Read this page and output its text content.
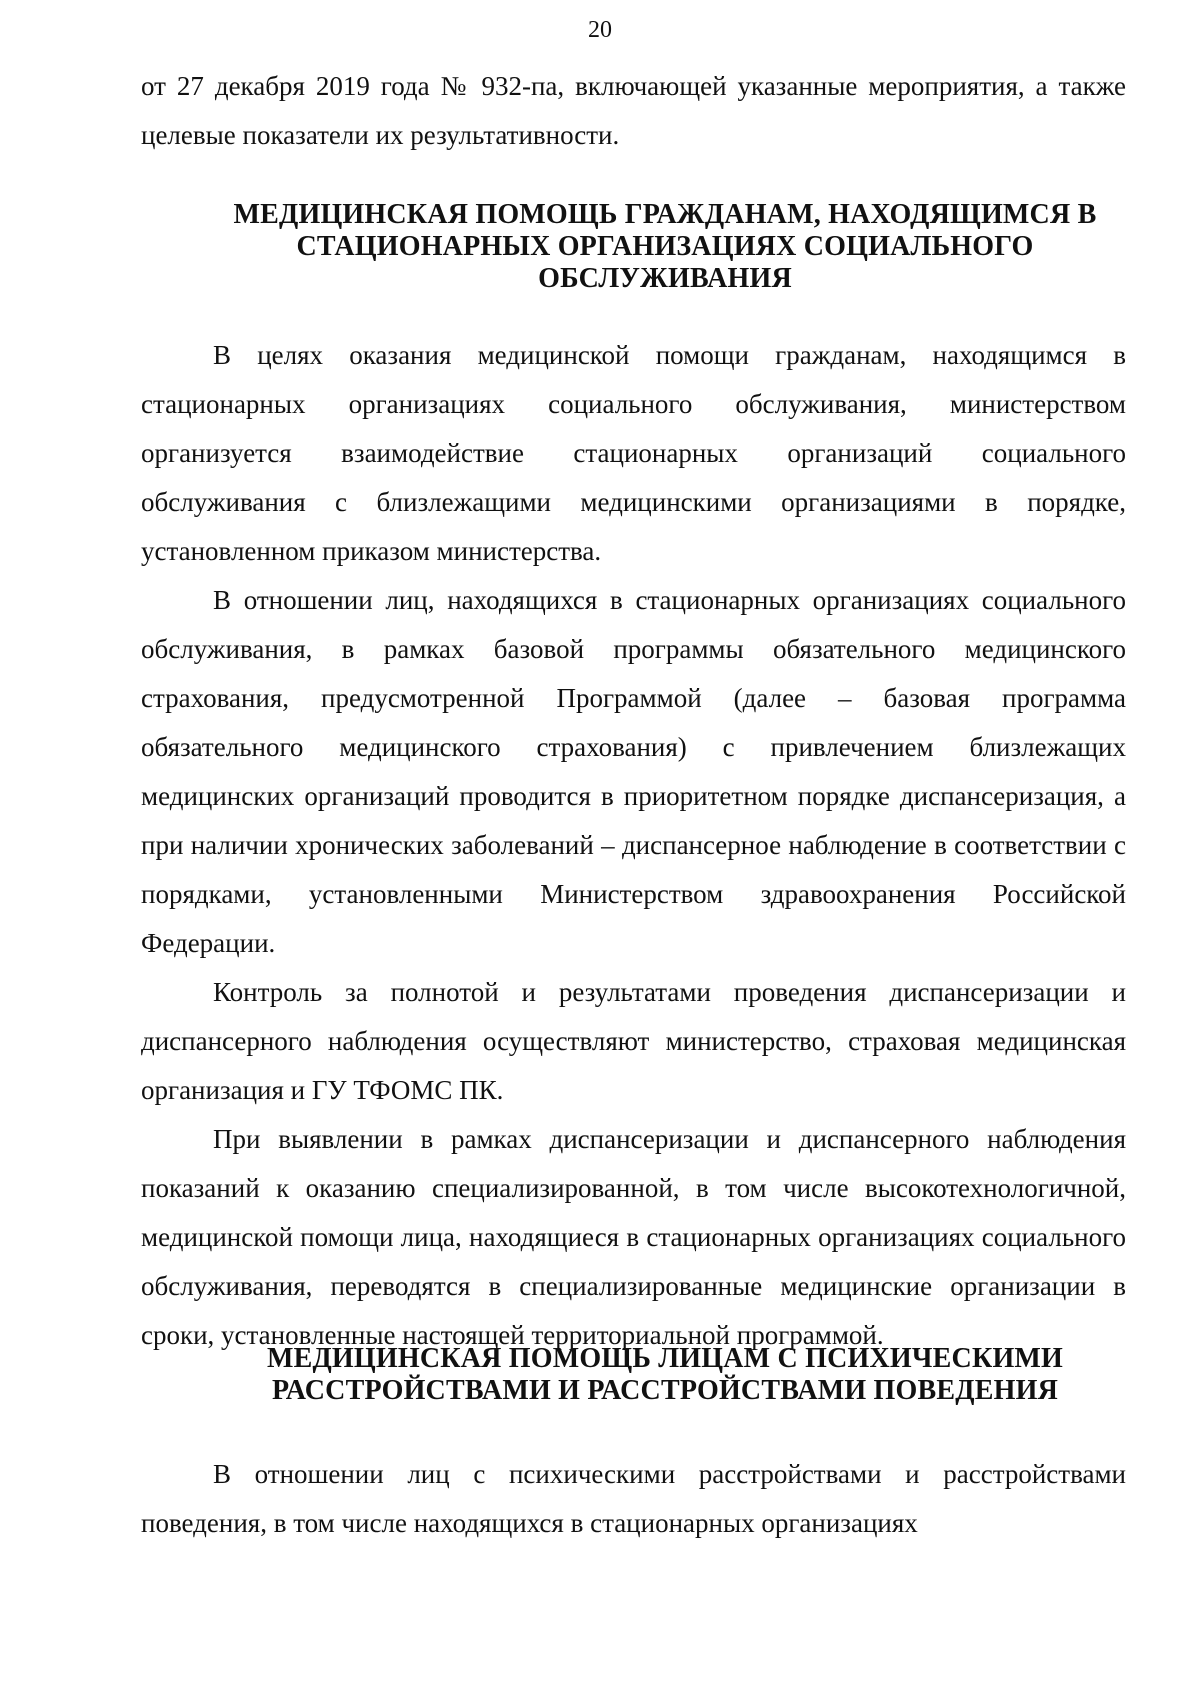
20

от 27 декабря 2019 года № 932-па, включающей указанные мероприятия, а также целевые показатели их результативности.

МЕДИЦИНСКАЯ ПОМОЩЬ ГРАЖДАНАМ, НАХОДЯЩИМСЯ В СТАЦИОНАРНЫХ ОРГАНИЗАЦИЯХ СОЦИАЛЬНОГО ОБСЛУЖИВАНИЯ

В целях оказания медицинской помощи гражданам, находящимся в стационарных организациях социального обслуживания, министерством организуется взаимодействие стационарных организаций социального обслуживания с близлежащими медицинскими организациями в порядке, установленном приказом министерства.

В отношении лиц, находящихся в стационарных организациях социального обслуживания, в рамках базовой программы обязательного медицинского страхования, предусмотренной Программой (далее – базовая программа обязательного медицинского страхования) с привлечением близлежащих медицинских организаций проводится в приоритетном порядке диспансеризация, а при наличии хронических заболеваний – диспансерное наблюдение в соответствии с порядками, установленными Министерством здравоохранения Российской Федерации.

Контроль за полнотой и результатами проведения диспансеризации и диспансерного наблюдения осуществляют министерство, страховая медицинская организация и ГУ ТФОМС ПК.

При выявлении в рамках диспансеризации и диспансерного наблюдения показаний к оказанию специализированной, в том числе высокотехнологичной, медицинской помощи лица, находящиеся в стационарных организациях социального обслуживания, переводятся в специализированные медицинские организации в сроки, установленные настоящей территориальной программой.

МЕДИЦИНСКАЯ ПОМОЩЬ ЛИЦАМ С ПСИХИЧЕСКИМИ РАССТРОЙСТВАМИ И РАССТРОЙСТВАМИ ПОВЕДЕНИЯ

В отношении лиц с психическими расстройствами и расстройствами поведения, в том числе находящихся в стационарных организациях
